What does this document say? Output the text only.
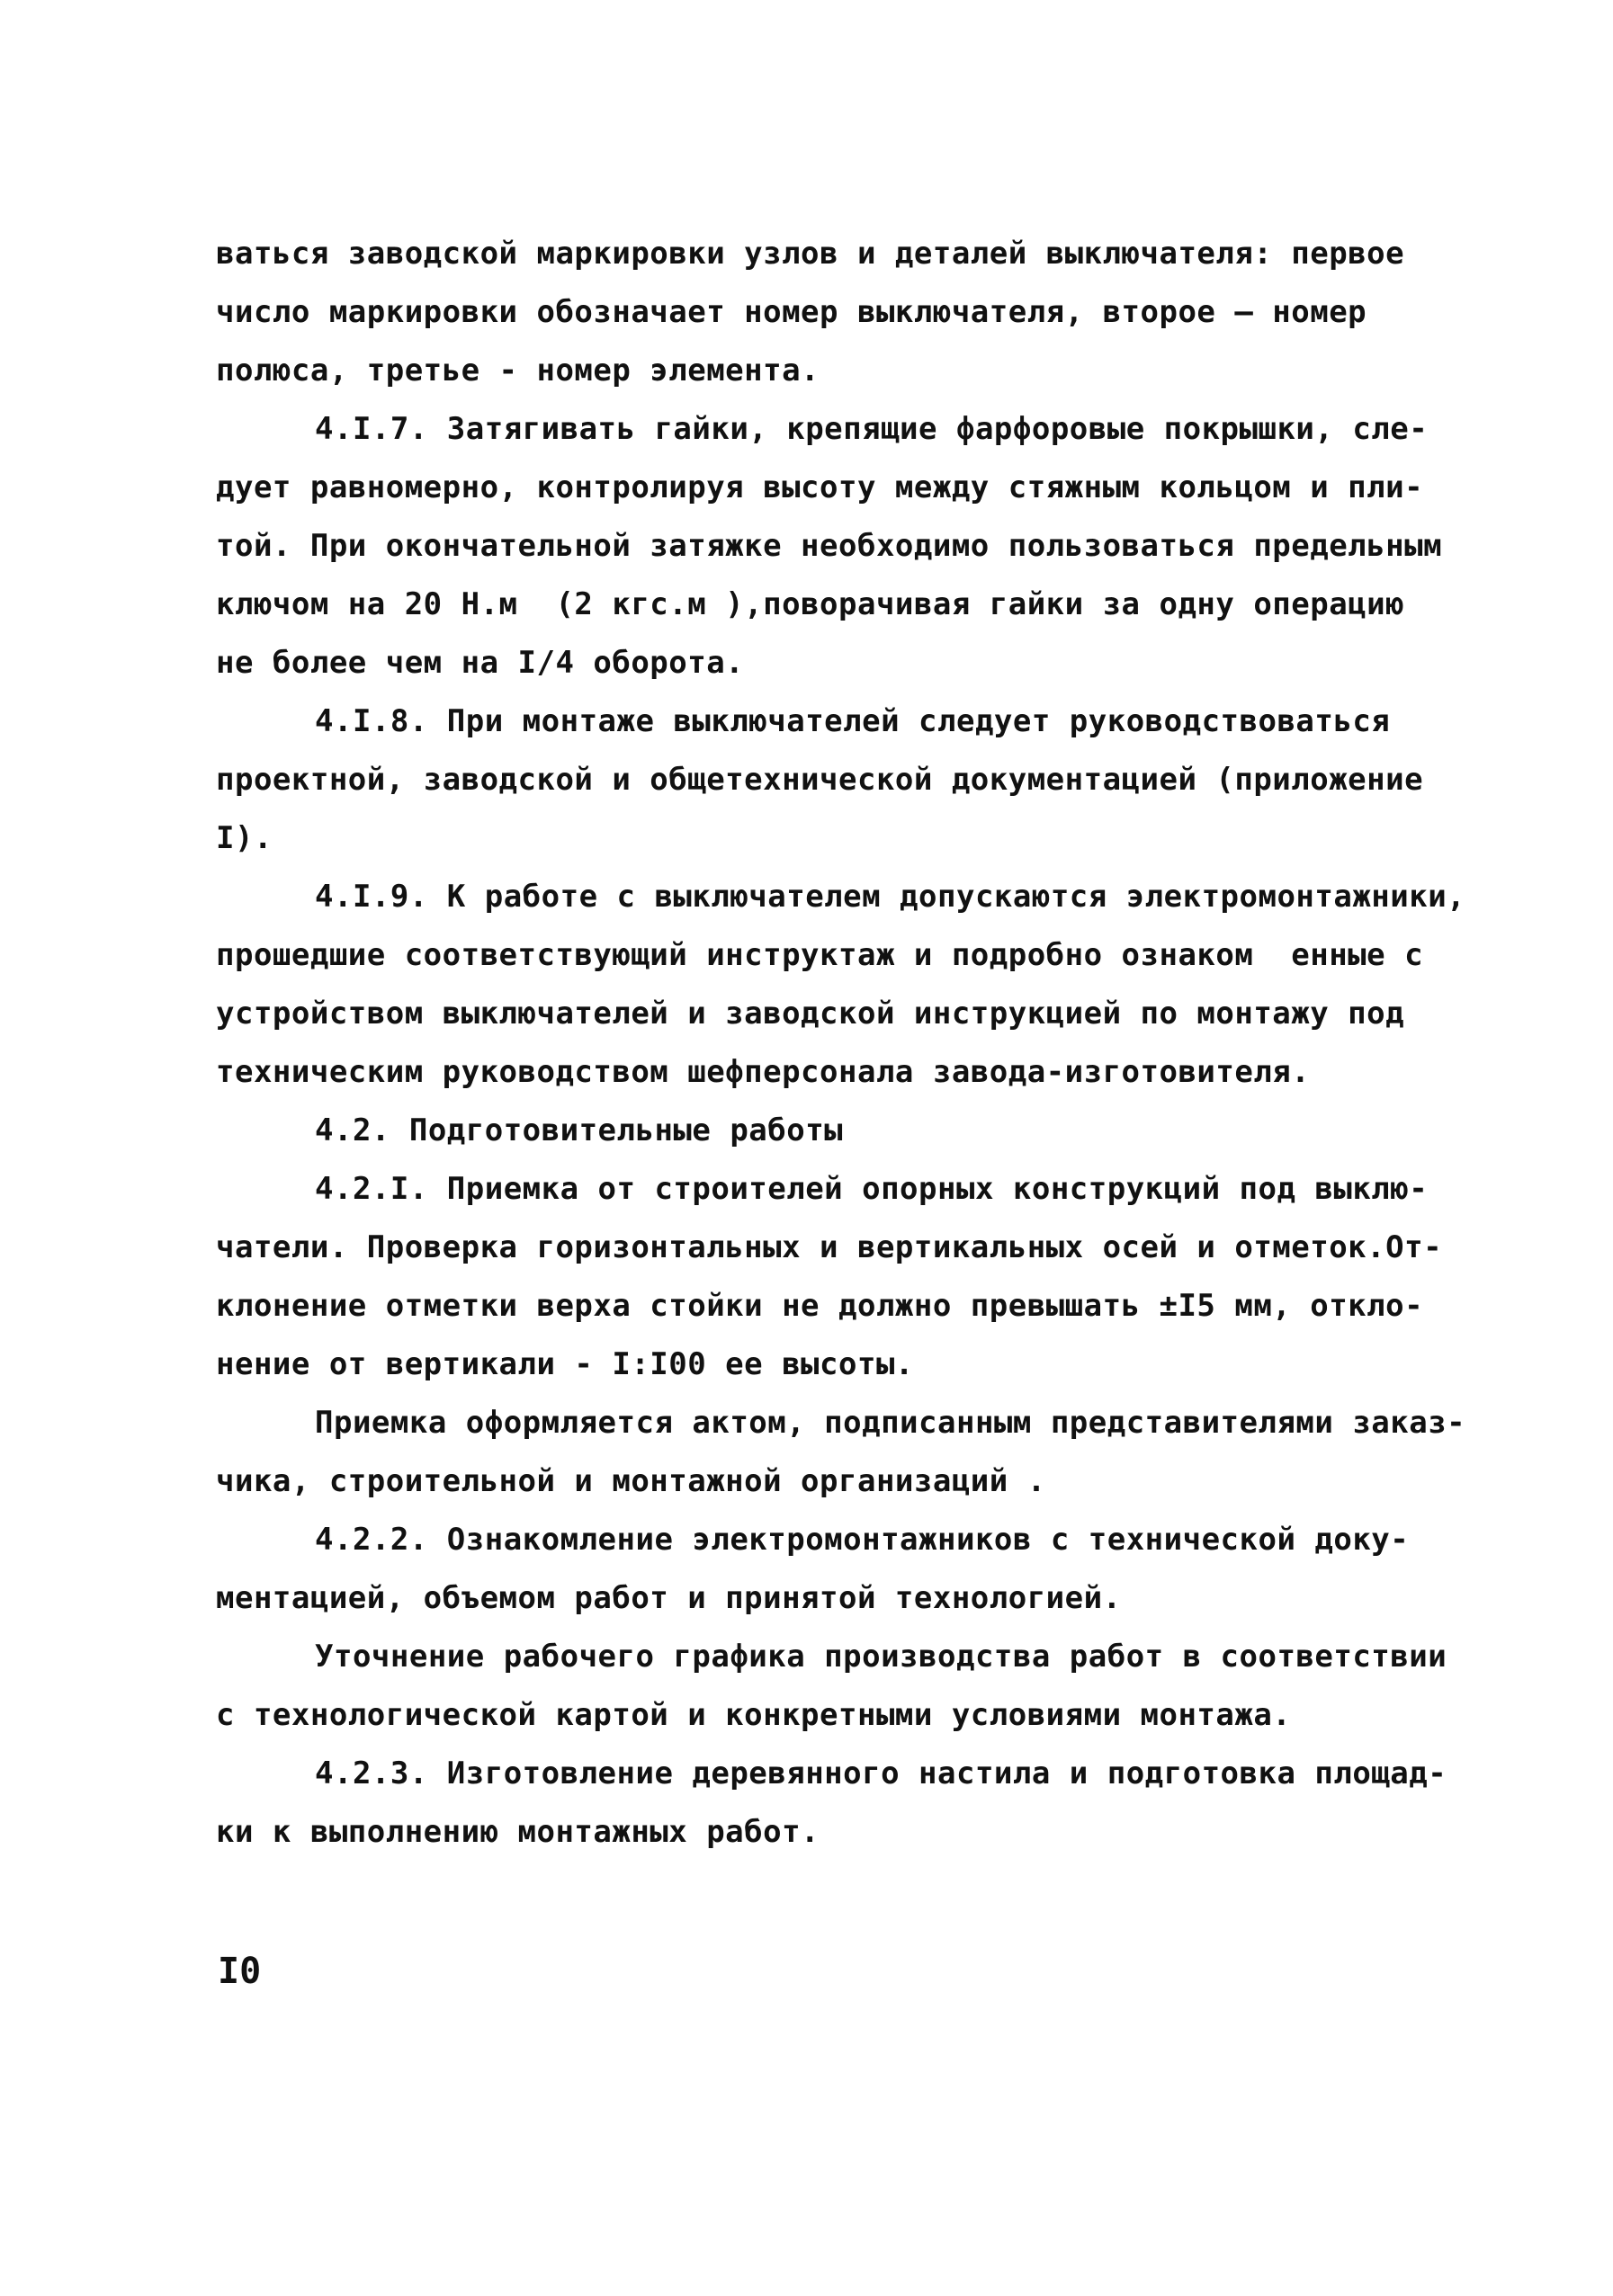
ваться заводской маркировки узлов и деталей выключателя: первое
число маркировки обозначает номер выключателя, второе – номер
полюса, третье - номер элемента.
4.I.7. Затягивать гайки, крепящие фарфоровые покрышки, сле-
дует равномерно, контролируя высоту между стяжным кольцом и пли-
той. При окончательной затяжке необходимо пользоваться предельным
ключом на 20 Н.м  (2 кгс.м ),поворачивая гайки за одну операцию
не более чем на I/4 оборота.
4.I.8. При монтаже выключателей следует руководствоваться
проектной, заводской и общетехнической документацией (приложение
I).
4.I.9. К работе с выключателем допускаются электромонтажники,
прошедшие соответствующий инструктаж и подробно ознаком  енные с
устройством выключателей и заводской инструкцией по монтажу под
техническим руководством шефперсонала завода-изготовителя.
4.2. Подготовительные работы
4.2.I. Приемка от строителей опорных конструкций под выклю-
чатели. Проверка горизонтальных и вертикальных осей и отметок.От-
клонение отметки верха стойки не должно превышать ±I5 мм, откло-
нение от вертикали - I:I00 ее высоты.
Приемка оформляется актом, подписанным представителями заказ-
чика, строительной и монтажной организаций .
4.2.2. Ознакомление электромонтажников с технической доку-
ментацией, объемом работ и принятой технологией.
Уточнение рабочего графика производства работ в соответствии
с технологической картой и конкретными условиями монтажа.
4.2.3. Изготовление деревянного настила и подготовка площад-
ки к выполнению монтажных работ.
I0
